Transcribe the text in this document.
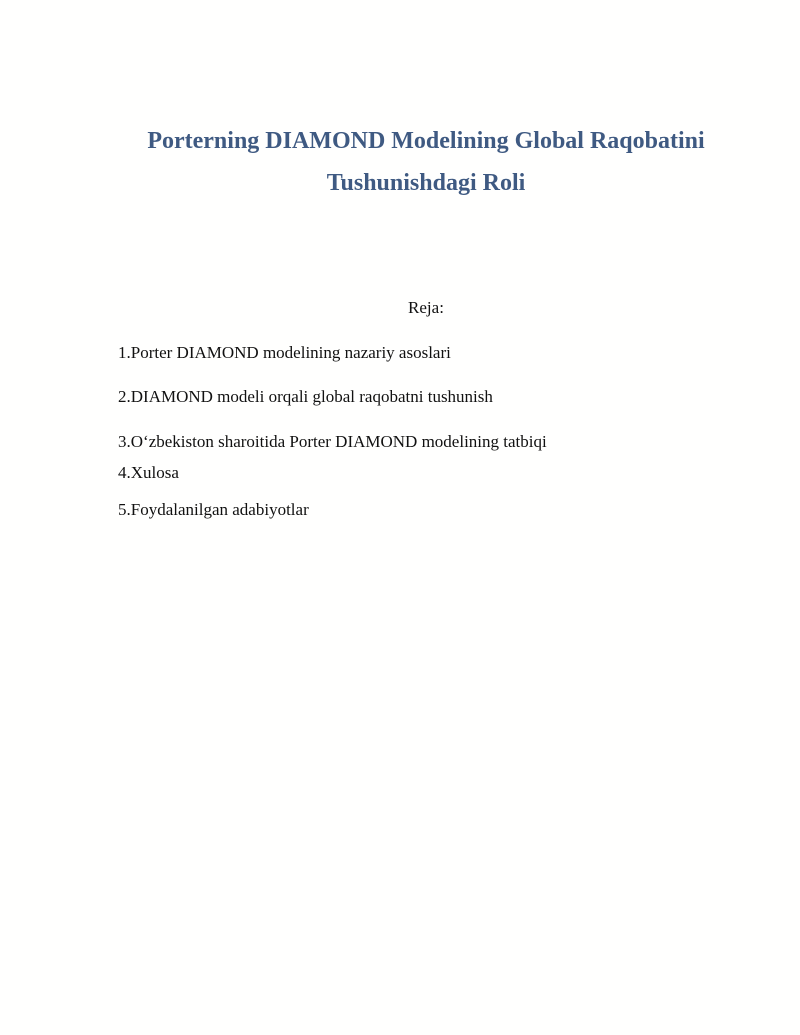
Porterning DIAMOND Modelining Global Raqobatini
Tushunishdagi Roli

Reja:

1.Porter DIAMOND modelining nazariy asoslari

2.DIAMOND modeli orqali global raqobatni tushunish

3.O‘zbekiston sharoitida Porter DIAMOND modelining tatbiqi

4.Xulosa

5.Foydalanilgan adabiyotlar
